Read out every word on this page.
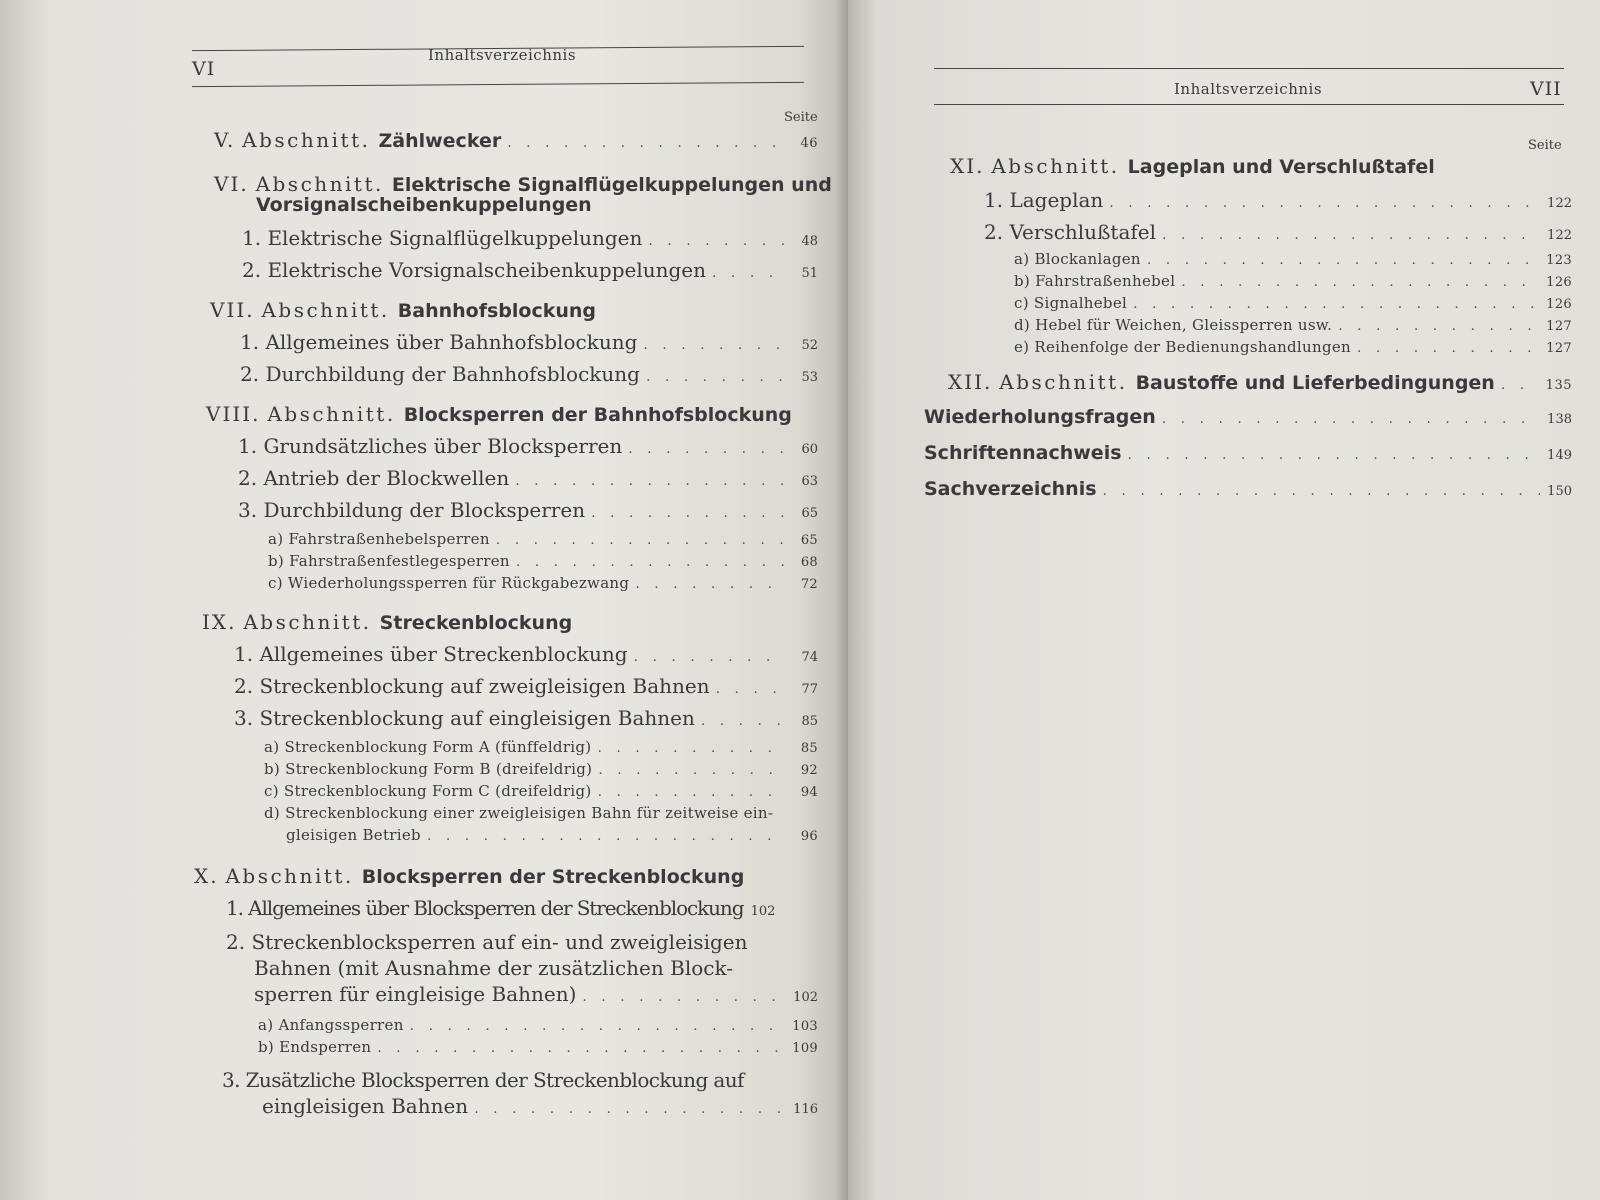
VI
Inhaltsverzeichnis
Seite
V. Abschnitt. Zählwecker . . .	46
VI. Abschnitt. Elektrische Signalflügelkuppelungen und
Vorsignalscheibenkuppelungen
1. Elektrische Signalflügelkuppelungen . . .	48
2. Elektrische Vorsignalscheibenkuppelungen . . .	51
VII. Abschnitt. Bahnhofsblockung
1. Allgemeines über Bahnhofsblockung . . .	52
2. Durchbildung der Bahnhofsblockung . . .	53
VIII. Abschnitt. Blocksperren der Bahnhofsblockung
1. Grundsätzliches über Blocksperren . . .	60
2. Antrieb der Blockwellen . . .	63
3. Durchbildung der Blocksperren . . .	65
a) Fahrstraßenhebelsperren . . .	65
b) Fahrstraßenfestlegesperren . . .	68
c) Wiederholungssperren für Rückgabezwang . . .	72
IX. Abschnitt. Streckenblockung
1. Allgemeines über Streckenblockung . . .	74
2. Streckenblockung auf zweigleisigen Bahnen . . .	77
3. Streckenblockung auf eingleisigen Bahnen . . .	85
a) Streckenblockung Form A (fünffeldrig) . . .	85
b) Streckenblockung Form B (dreifeldrig) . . .	92
c) Streckenblockung Form C (dreifeldrig) . . .	94
d) Streckenblockung einer zweigleisigen Bahn für zeitweise ein-
gleisigen Betrieb . . .	96
X. Abschnitt. Blocksperren der Streckenblockung
1. Allgemeines über Blocksperren der Streckenblockung 102
2. Streckenblocksperren auf ein- und zweigleisigen
Bahnen (mit Ausnahme der zusätzlichen Block-
sperren für eingleisige Bahnen) . . .	102
a) Anfangssperren . . .	103
b) Endsperren . . .	109
3. Zusätzliche Blocksperren der Streckenblockung auf
eingleisigen Bahnen . . .	116
Inhaltsverzeichnis	VII
Seite
XI. Abschnitt. Lageplan und Verschlußtafel
1. Lageplan . . .	122
2. Verschlußtafel . . .	122
a) Blockanlagen . . .	123
b) Fahrstraßenhebel . . .	126
c) Signalhebel . . .	126
d) Hebel für Weichen, Gleissperren usw. . . .	127
e) Reihenfolge der Bedienungshandlungen . . .	127
XII. Abschnitt. Baustoffe und Lieferbedingungen . . .	135
Wiederholungsfragen . . .	138
Schriftennachweis . . .	149
Sachverzeichnis . . .	150
